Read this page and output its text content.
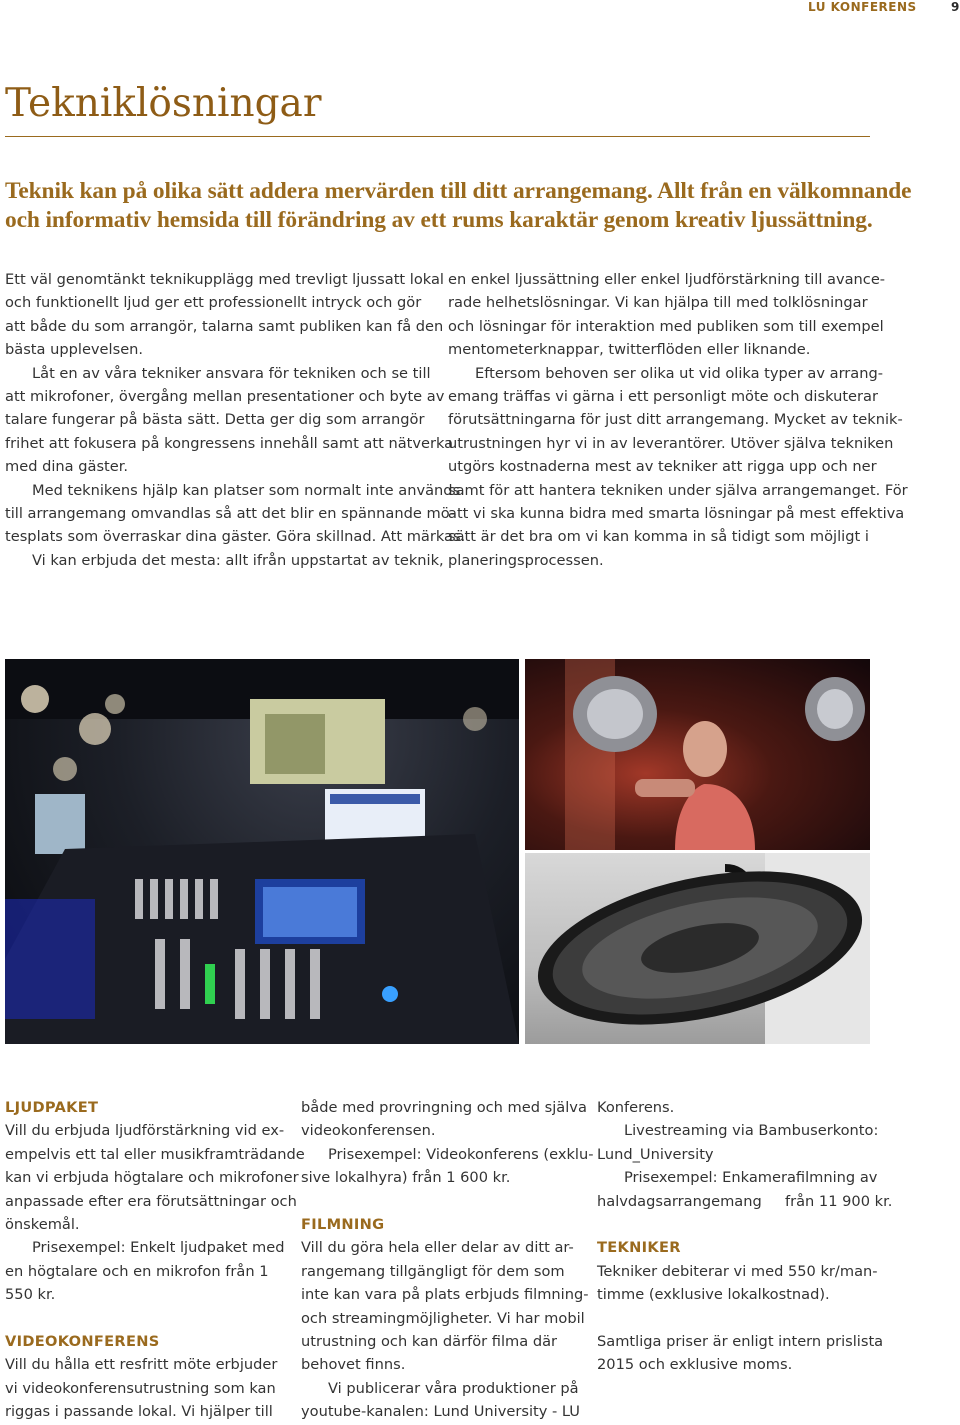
LU KONFERENS	9
Tekniklösningar

Teknik kan på olika sätt addera mervärden till ditt arrangemang. Allt från en välkomnande
och informativ hemsida till förändring av ett rums karaktär genom kreativ ljussättning.

Ett väl genomtänkt teknikupplägg med trevligt ljussatt lokal
och funktionellt ljud ger ett professionellt intryck och gör
att både du som arrangör, talarna samt publiken kan få den
bästa upplevelsen.
Låt en av våra tekniker ansvara för tekniken och se till
att mikrofoner, övergång mellan presentationer och byte av
talare fungerar på bästa sätt. Detta ger dig som arrangör
frihet att fokusera på kongressens innehåll samt att nätverka
med dina gäster.
Med teknikens hjälp kan platser som normalt inte används
till arrangemang omvandlas så att det blir en spännande mö-
tesplats som överraskar dina gäster. Göra skillnad. Att märkas.
Vi kan erbjuda det mesta: allt ifrån uppstartat av teknik,
en enkel ljussättning eller enkel ljudförstärkning till avance-
rade helhetslösningar. Vi kan hjälpa till med tolklösningar
och lösningar för interaktion med publiken som till exempel
mentometerknappar, twitterflöden eller liknande.
Eftersom behoven ser olika ut vid olika typer av arrang-
emang träffas vi gärna i ett personligt möte och diskuterar
förutsättningarna för just ditt arrangemang. Mycket av teknik-
utrustningen hyr vi in av leverantörer. Utöver själva tekniken
utgörs kostnaderna mest av tekniker att rigga upp och ner
samt för att hantera tekniken under själva arrangemanget. För
att vi ska kunna bidra med smarta lösningar på mest effektiva
sätt är det bra om vi kan komma in så tidigt som möjligt i
planeringsprocessen.
LJUDPAKET
Vill du erbjuda ljudförstärkning vid ex-
empelvis ett tal eller musikframträdande
kan vi erbjuda högtalare och mikrofoner
anpassade efter era förutsättningar och
önskemål.
Prisexempel: Enkelt ljudpaket med
en högtalare och en mikrofon från 1
550 kr.
VIDEOKONFERENS
Vill du hålla ett resfritt möte erbjuder
vi videokonferensutrustning som kan
riggas i passande lokal. Vi hjälper till
både med provringning och med själva
videokonferensen.
Prisexempel: Videokonferens (exklu-
sive lokalhyra) från 1 600 kr.
FILMNING
Vill du göra hela eller delar av ditt ar-
rangemang tillgängligt för dem som
inte kan vara på plats erbjuds filmning-
och streamingmöjligheter. Vi har mobil
utrustning och kan därför filma där
behovet finns.
Vi publicerar våra produktioner på
youtube-kanalen: Lund University - LU
Konferens.
Livestreaming via Bambuserkonto:
Lund_University
Prisexempel: Enkamerafilmning av
halvdagsarrangemang     från 11 900 kr.
TEKNIKER
Tekniker debiterar vi med 550 kr/man-
timme (exklusive lokalkostnad).
Samtliga priser är enligt intern prislista
2015 och exklusive moms.
